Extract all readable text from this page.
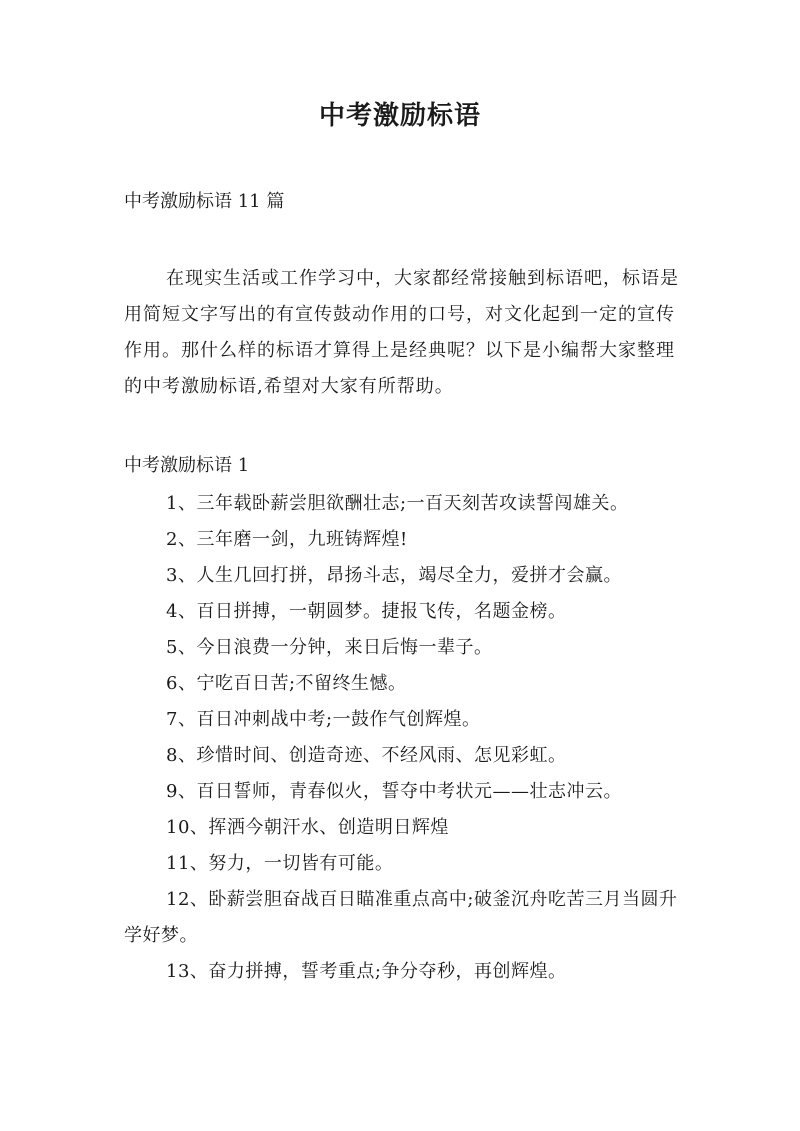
中考激励标语

中考激励标语 11 篇

在现实生活或工作学习中，大家都经常接触到标语吧，标语是用简短文字写出的有宣传鼓动作用的口号，对文化起到一定的宣传作用。那什么样的标语才算得上是经典呢？以下是小编帮大家整理的中考激励标语,希望对大家有所帮助。

中考激励标语 1

1、三年载卧薪尝胆欲酬壮志;一百天刻苦攻读誓闯雄关。
2、三年磨一剑，九班铸辉煌!
3、人生几回打拼，昂扬斗志，竭尽全力，爱拼才会赢。
4、百日拼搏，一朝圆梦。捷报飞传，名题金榜。
5、今日浪费一分钟，来日后悔一辈子。
6、宁吃百日苦;不留终生憾。
7、百日冲刺战中考;一鼓作气创辉煌。
8、珍惜时间、创造奇迹、不经风雨、怎见彩虹。
9、百日誓师，青春似火，誓夺中考状元——壮志冲云。
10、挥洒今朝汗水、创造明日辉煌
11、努力，一切皆有可能。
12、卧薪尝胆奋战百日瞄准重点高中;破釜沉舟吃苦三月当圆升学好梦。
13、奋力拼搏，誓考重点;争分夺秒，再创辉煌。
